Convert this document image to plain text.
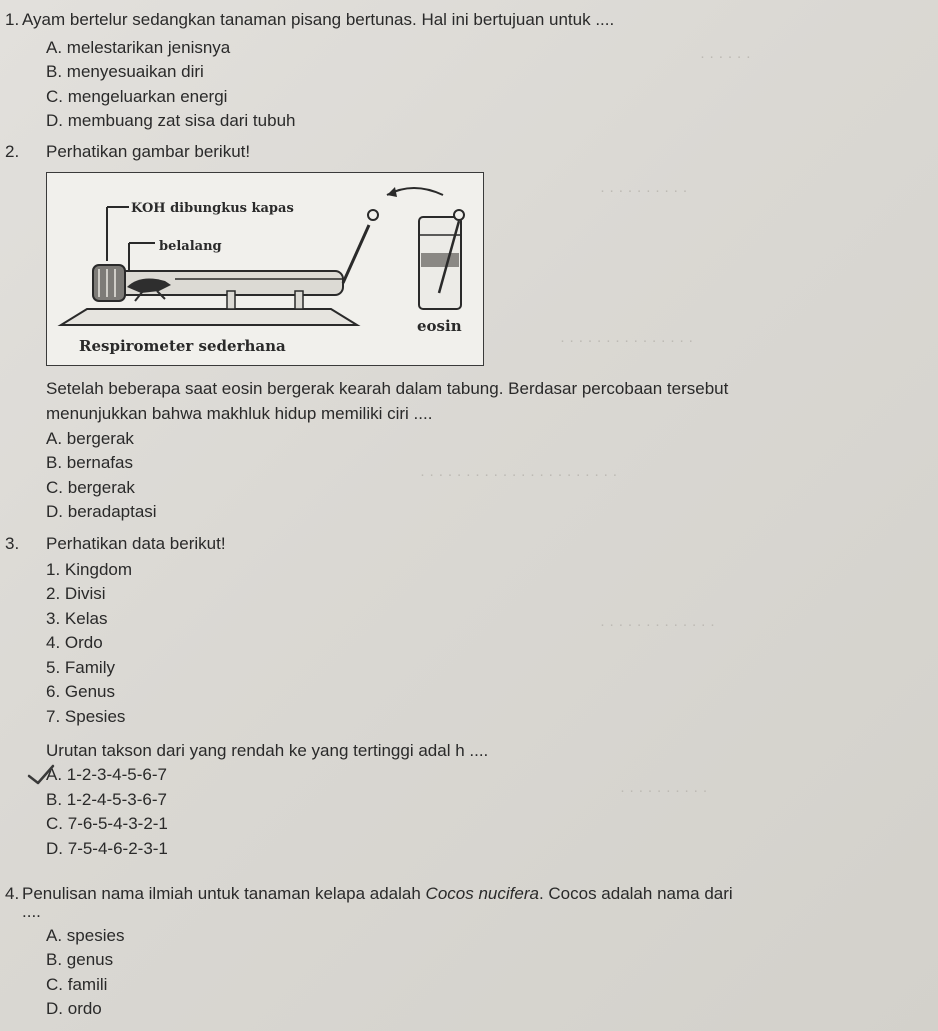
· · · · · ·
· · · · · · · · · ·
· · · · · · · · · · · · · · ·
· · · · · · · · · · · · · · · · · · · · · ·
· · · · · · · · · · · · ·
· · · · · · · · · ·
1. Ayam bertelur sedangkan tanaman pisang bertunas. Hal ini bertujuan untuk ....
A. melestarikan jenisnya
B. menyesuaikan diri
C. mengeluarkan energi
D. membuang zat sisa dari tubuh
2. Perhatikan gambar berikut!
KOH dibungkus kapas
belalang
eosin
Respirometer sederhana
Setelah beberapa saat eosin bergerak kearah dalam tabung. Berdasar percobaan tersebut
menunjukkan bahwa makhluk hidup memiliki ciri ....
A. bergerak
B. bernafas
C. bergerak
D. beradaptasi
3. Perhatikan data berikut!
1. Kingdom
2. Divisi
3. Kelas
4. Ordo
5. Family
6. Genus
7. Spesies
Urutan takson dari yang rendah ke yang tertinggi adal h ....
A. 1-2-3-4-5-6-7
B. 1-2-4-5-3-6-7
C. 7-6-5-4-3-2-1
D. 7-5-4-6-2-3-1
4. Penulisan nama ilmiah untuk tanaman kelapa adalah Cocos nucifera. Cocos adalah nama dari
....
A. spesies
B. genus
C. famili
D. ordo
